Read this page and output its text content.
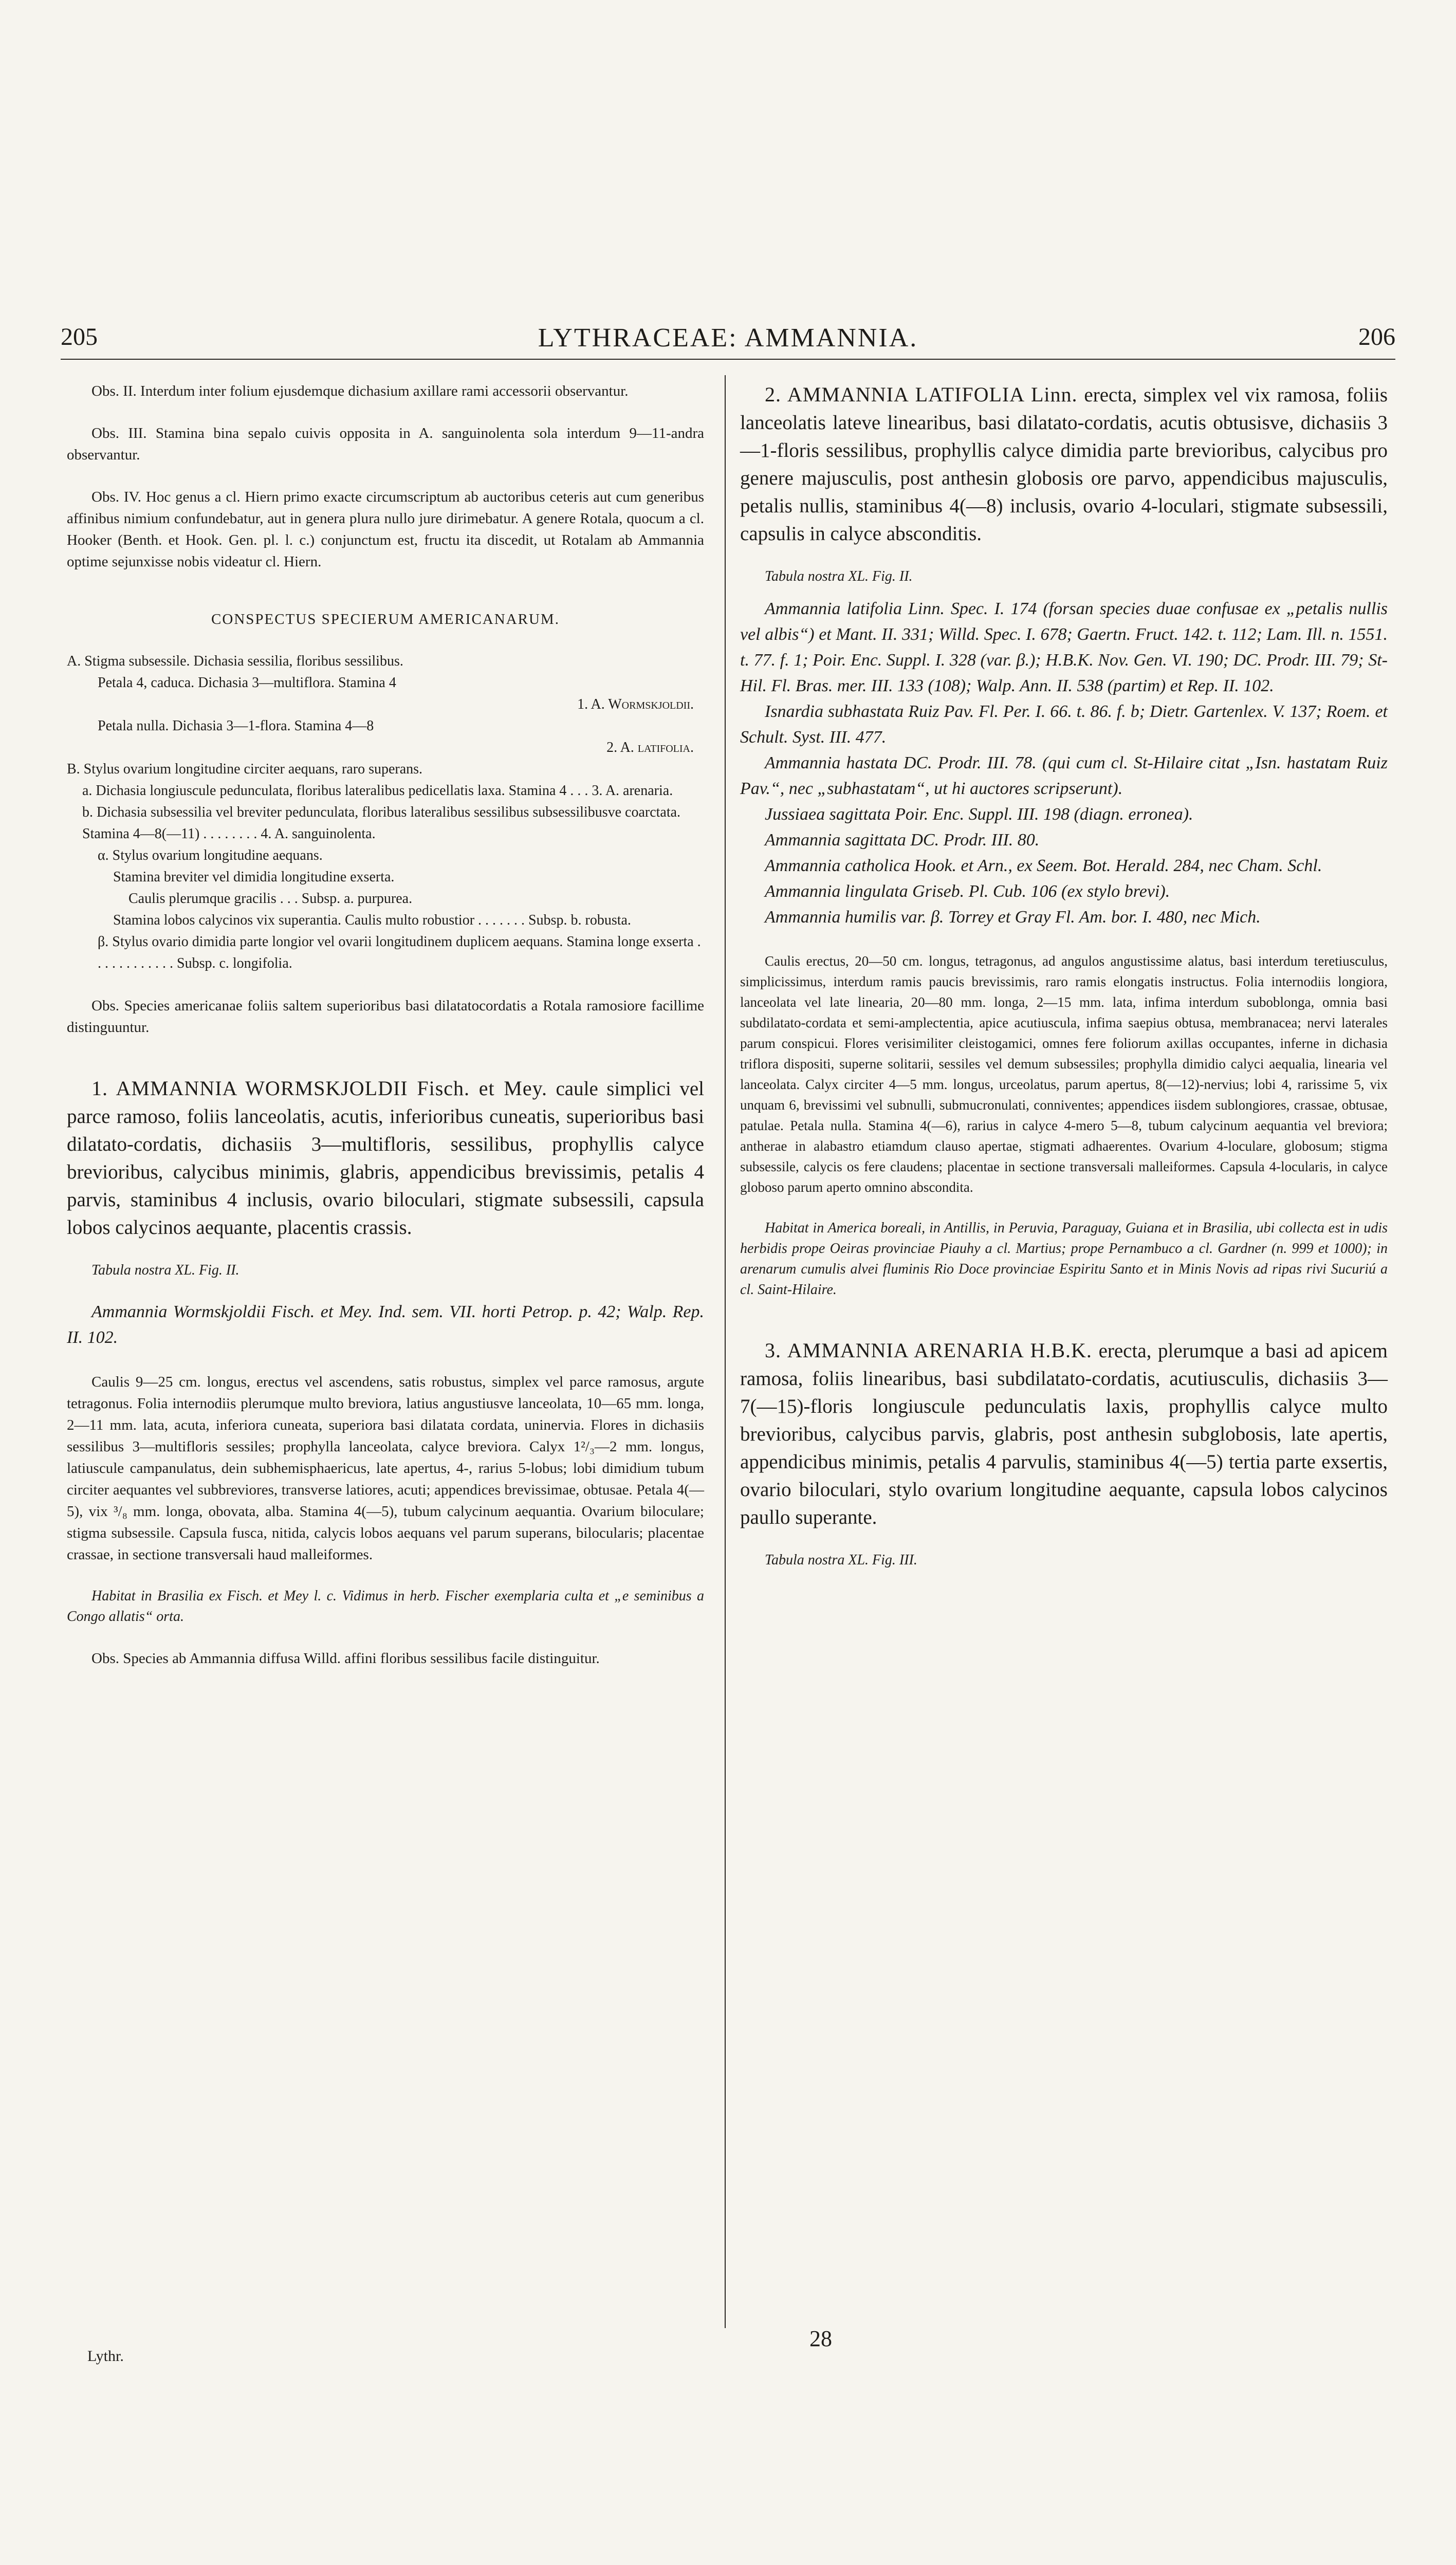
205	LYTHRACEAE: AMMANNIA.	206

Obs. II. Interdum inter folium ejusdemque dichasium axillare rami accessorii observantur.

Obs. III. Stamina bina sepalo cuivis opposita in A. sanguinolenta sola interdum 9—11-andra observantur.

Obs. IV. Hoc genus a cl. Hiern primo exacte circumscriptum ab auctoribus ceteris aut cum generibus affinibus nimium confundebatur, aut in genera plura nullo jure dirimebatur. A genere Rotala, quocum a cl. Hooker (Benth. et Hook. Gen. pl. l. c.) conjunctum est, fructu ita discedit, ut Rotalam ab Ammannia optime sejunxisse nobis videatur cl. Hiern.

CONSPECTUS SPECIERUM AMERICANARUM.

A. Stigma subsessile. Dichasia sessilia, floribus sessilibus.
Petala 4, caduca. Dichasia 3—multiflora. Stamina 4
1. A. Wormskjoldii.
Petala nulla. Dichasia 3—1-flora. Stamina 4—8
2. A. latifolia.
B. Stylus ovarium longitudine circiter aequans, raro superans.
a. Dichasia longiuscule pedunculata, floribus lateralibus pedicellatis laxa. Stamina 4 . . . 3. A. arenaria.
b. Dichasia subsessilia vel breviter pedunculata, floribus lateralibus sessilibus subsessilibusve coarctata. Stamina 4—8(—11) . . . . . . . . 4. A. sanguinolenta.
α. Stylus ovarium longitudine aequans.
Stamina breviter vel dimidia longitudine exserta.
Caulis plerumque gracilis . . . Subsp. a. purpurea.
Stamina lobos calycinos vix superantia. Caulis multo robustior . . . . . . . Subsp. b. robusta.
β. Stylus ovario dimidia parte longior vel ovarii longitudinem duplicem aequans. Stamina longe exserta . . . . . . . . . . . . Subsp. c. longifolia.

Obs. Species americanae foliis saltem superioribus basi dilatatocordatis a Rotala ramosiore facillime distinguuntur.

1. AMMANNIA WORMSKJOLDII Fisch. et Mey. caule simplici vel parce ramoso, foliis lanceolatis, acutis, inferioribus cuneatis, superioribus basi dilatato-cordatis, dichasiis 3—multifloris, sessilibus, prophyllis calyce brevioribus, calycibus minimis, glabris, appendicibus brevissimis, petalis 4 parvis, staminibus 4 inclusis, ovario biloculari, stigmate subsessili, capsula lobos calycinos aequante, placentis crassis.

Tabula nostra XL. Fig. II.

Ammannia Wormskjoldii Fisch. et Mey. Ind. sem. VII. horti Petrop. p. 42; Walp. Rep. II. 102.

Caulis 9—25 cm. longus, erectus vel ascendens, satis robustus, simplex vel parce ramosus, argute tetragonus. Folia internodiis plerumque multo breviora, latius angustiusve lanceolata, 10—65 mm. longa, 2—11 mm. lata, acuta, inferiora cuneata, superiora basi dilatata cordata, uninervia. Flores in dichasiis sessilibus 3—multifloris sessiles; prophylla lanceolata, calyce breviora. Calyx 1²/₃—2 mm. longus, latiuscule campanulatus, dein subhemisphaericus, late apertus, 4-, rarius 5-lobus; lobi dimidium tubum circiter aequantes vel subbreviores, transverse latiores, acuti; appendices brevissimae, obtusae. Petala 4(—5), vix ³/₈ mm. longa, obovata, alba. Stamina 4(—5), tubum calycinum aequantia. Ovarium biloculare; stigma subsessile. Capsula fusca, nitida, calycis lobos aequans vel parum superans, bilocularis; placentae crassae, in sectione transversali haud malleiformes.

Habitat in Brasilia ex Fisch. et Mey l. c. Vidimus in herb. Fischer exemplaria culta et „e seminibus a Congo allatis“ orta.

Obs. Species ab Ammannia diffusa Willd. affini floribus sessilibus facile distinguitur.

2. AMMANNIA LATIFOLIA Linn. erecta, simplex vel vix ramosa, foliis lanceolatis lateve linearibus, basi dilatato-cordatis, acutis obtusisve, dichasiis 3—1-floris sessilibus, prophyllis calyce dimidia parte brevioribus, calycibus pro genere majusculis, post anthesin globosis ore parvo, appendicibus majusculis, petalis nullis, staminibus 4(—8) inclusis, ovario 4-loculari, stigmate subsessili, capsulis in calyce absconditis.

Tabula nostra XL. Fig. II.

Ammannia latifolia Linn. Spec. I. 174 (forsan species duae confusae ex „petalis nullis vel albis“) et Mant. II. 331; Willd. Spec. I. 678; Gaertn. Fruct. 142. t. 112; Lam. Ill. n. 1551. t. 77. f. 1; Poir. Enc. Suppl. I. 328 (var. β.); H.B.K. Nov. Gen. VI. 190; DC. Prodr. III. 79; St-Hil. Fl. Bras. mer. III. 133 (108); Walp. Ann. II. 538 (partim) et Rep. II. 102.

Isnardia subhastata Ruiz Pav. Fl. Per. I. 66. t. 86. f. b; Dietr. Gartenlex. V. 137; Roem. et Schult. Syst. III. 477.

Ammannia hastata DC. Prodr. III. 78. (qui cum cl. St-Hilaire citat „Isn. hastatam Ruiz Pav.“, nec „subhastatam“, ut hi auctores scripserunt).

Jussiaea sagittata Poir. Enc. Suppl. III. 198 (diagn. erronea).

Ammannia sagittata DC. Prodr. III. 80.

Ammannia catholica Hook. et Arn., ex Seem. Bot. Herald. 284, nec Cham. Schl.

Ammannia lingulata Griseb. Pl. Cub. 106 (ex stylo brevi).

Ammannia humilis var. β. Torrey et Gray Fl. Am. bor. I. 480, nec Mich.

Caulis erectus, 20—50 cm. longus, tetragonus, ad angulos angustissime alatus, basi interdum teretiusculus, simplicissimus, interdum ramis paucis brevissimis, raro ramis elongatis instructus. Folia internodiis longiora, lanceolata vel late linearia, 20—80 mm. longa, 2—15 mm. lata, infima interdum suboblonga, omnia basi subdilatato-cordata et semi-amplectentia, apice acutiuscula, infima saepius obtusa, membranacea; nervi laterales parum conspicui. Flores verisimiliter cleistogamici, omnes fere foliorum axillas occupantes, inferne in dichasia triflora dispositi, superne solitarii, sessiles vel demum subsessiles; prophylla dimidio calyci aequalia, linearia vel lanceolata. Calyx circiter 4—5 mm. longus, urceolatus, parum apertus, 8(—12)-nervius; lobi 4, rarissime 5, vix unquam 6, brevissimi vel subnulli, submucronulati, conniventes; appendices iisdem sublongiores, crassae, obtusae, patulae. Petala nulla. Stamina 4(—6), rarius in calyce 4-mero 5—8, tubum calycinum aequantia vel breviora; antherae in alabastro etiamdum clauso apertae, stigmati adhaerentes. Ovarium 4-loculare, globosum; stigma subsessile, calycis os fere claudens; placentae in sectione transversali malleiformes. Capsula 4-locularis, in calyce globoso parum aperto omnino abscondita.

Habitat in America boreali, in Antillis, in Peruvia, Paraguay, Guiana et in Brasilia, ubi collecta est in udis herbidis prope Oeiras provinciae Piauhy a cl. Martius; prope Pernambuco a cl. Gardner (n. 999 et 1000); in arenarum cumulis alvei fluminis Rio Doce provinciae Espiritu Santo et in Minis Novis ad ripas rivi Sucuriú a cl. Saint-Hilaire.

3. AMMANNIA ARENARIA H.B.K. erecta, plerumque a basi ad apicem ramosa, foliis linearibus, basi subdilatato-cordatis, acutiusculis, dichasiis 3—7(—15)-floris longiuscule pedunculatis laxis, prophyllis calyce multo brevioribus, calycibus parvis, glabris, post anthesin subglobosis, late apertis, appendicibus minimis, petalis 4 parvulis, staminibus 4(—5) tertia parte exsertis, ovario biloculari, stylo ovarium longitudine aequante, capsula lobos calycinos paullo superante.

Tabula nostra XL. Fig. III.

Lythr.
28
